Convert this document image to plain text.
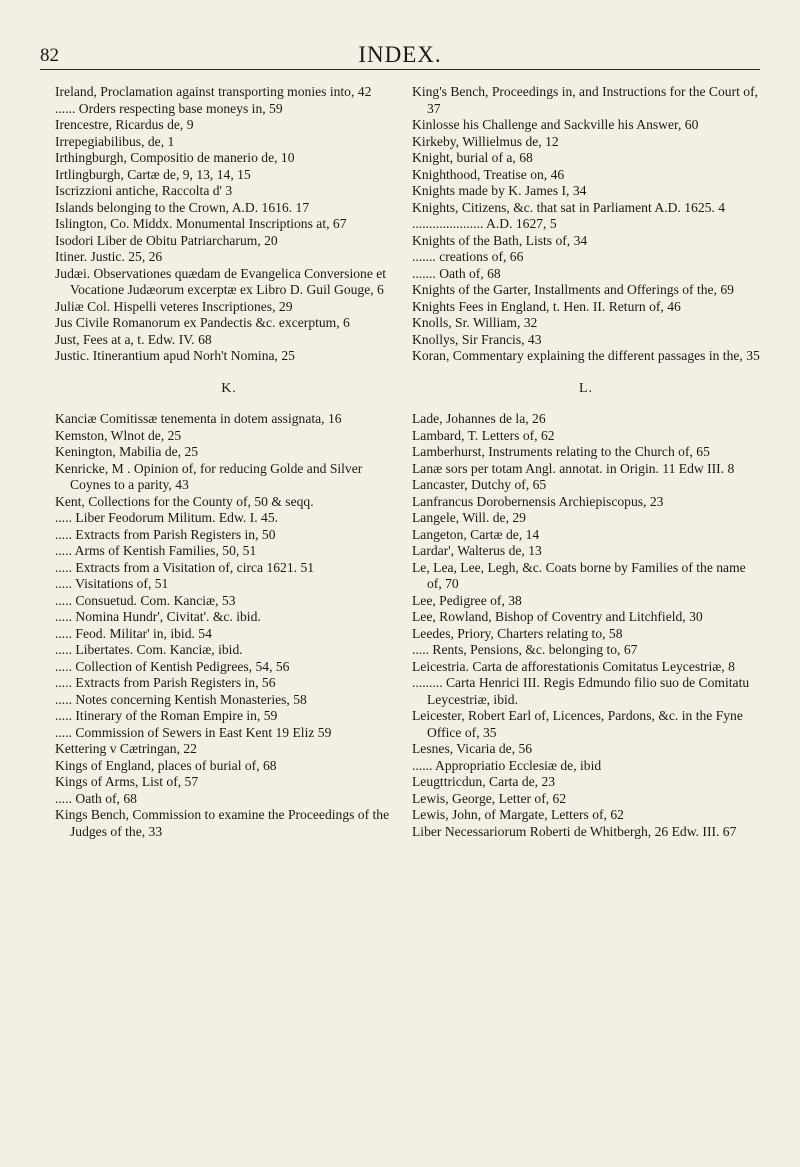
82	INDEX.
Ireland, Proclamation against transporting monies into, 42
...... Orders respecting base moneys in, 59
Irencestre, Ricardus de, 9
Irrepegiabilibus, de, 1
Irthingburgh, Compositio de manerio de, 10
Irtlingburgh, Cartæ de, 9, 13, 14, 15
Iscrizzioni antiche, Raccolta d' 3
Islands belonging to the Crown, A.D. 1616. 17
Islington, Co. Middx. Monumental Inscriptions at, 67
Isodori Liber de Obitu Patriarcharum, 20
Itiner. Justic. 25, 26
Judæi. Observationes quædam de Evangelica Conversione et Vocatione Judæorum excerptæ ex Libro D. Guil Gouge, 6
Juliæ Col. Hispelli veteres Inscriptiones, 29
Jus Civile Romanorum ex Pandectis &c. excerptum, 6
Just, Fees at a, t. Edw. IV. 68
Justic. Itinerantium apud Norh't Nomina, 25
K.
Kanciæ Comitissæ tenementa in dotem assignata, 16
Kemston, Wlnot de, 25
Kenington, Mabilia de, 25
Kenricke, M . Opinion of, for reducing Golde and Silver Coynes to a parity, 43
Kent, Collections for the County of, 50 & seqq.
..... Liber Feodorum Militum. Edw. I. 45.
..... Extracts from Parish Registers in, 50
..... Arms of Kentish Families, 50, 51
..... Extracts from a Visitation of, circa 1621. 51
..... Visitations of, 51
..... Consuetud. Com. Kanciæ, 53
..... Nomina Hundr', Civitat'. &c. ibid.
..... Feod. Militar' in, ibid. 54
..... Libertates. Com. Kanciæ, ibid.
..... Collection of Kentish Pedigrees, 54, 56
..... Extracts from Parish Registers in, 56
..... Notes concerning Kentish Monasteries, 58
..... Itinerary of the Roman Empire in, 59
..... Commission of Sewers in East Kent 19 Eliz 59
Kettering v Cætringan, 22
Kings of England, places of burial of, 68
Kings of Arms, List of, 57
..... Oath of, 68
Kings Bench, Commission to examine the Proceedings of the Judges of the, 33
King's Bench, Proceedings in, and Instructions for the Court of, 37
Kinlosse his Challenge and Sackville his Answer, 60
Kirkeby, Willielmus de, 12
Knight, burial of a, 68
Knighthood, Treatise on, 46
Knights made by K. James I, 34
Knights, Citizens, &c. that sat in Parliament A.D. 1625. 4
..................... A.D. 1627, 5
Knights of the Bath, Lists of, 34
....... creations of, 66
....... Oath of, 68
Knights of the Garter, Installments and Offerings of the, 69
Knights Fees in England, t. Hen. II. Return of, 46
Knolls, Sr. William, 32
Knollys, Sir Francis, 43
Koran, Commentary explaining the different passages in the, 35
L.
Lade, Johannes de la, 26
Lambard, T. Letters of, 62
Lamberhurst, Instruments relating to the Church of, 65
Lanæ sors per totam Angl. annotat. in Origin. 11 Edw III. 8
Lancaster, Dutchy of, 65
Lanfrancus Dorobernensis Archiepiscopus, 23
Langele, Will. de, 29
Langeton, Cartæ de, 14
Lardar', Walterus de, 13
Le, Lea, Lee, Legh, &c. Coats borne by Families of the name of, 70
Lee, Pedigree of, 38
Lee, Rowland, Bishop of Coventry and Litchfield, 30
Leedes, Priory, Charters relating to, 58
..... Rents, Pensions, &c. belonging to, 67
Leicestria. Carta de afforestationis Comitatus Leycestriæ, 8
......... Carta Henrici III. Regis Edmundo filio suo de Comitatu Leycestriæ, ibid.
Leicester, Robert Earl of, Licences, Pardons, &c. in the Fyne Office of, 35
Lesnes, Vicaria de, 56
...... Appropriatio Ecclesiæ de, ibid
Leugttricdun, Carta de, 23
Lewis, George, Letter of, 62
Lewis, John, of Margate, Letters of, 62
Liber Necessariorum Roberti de Whitbergh, 26 Edw. III. 67
